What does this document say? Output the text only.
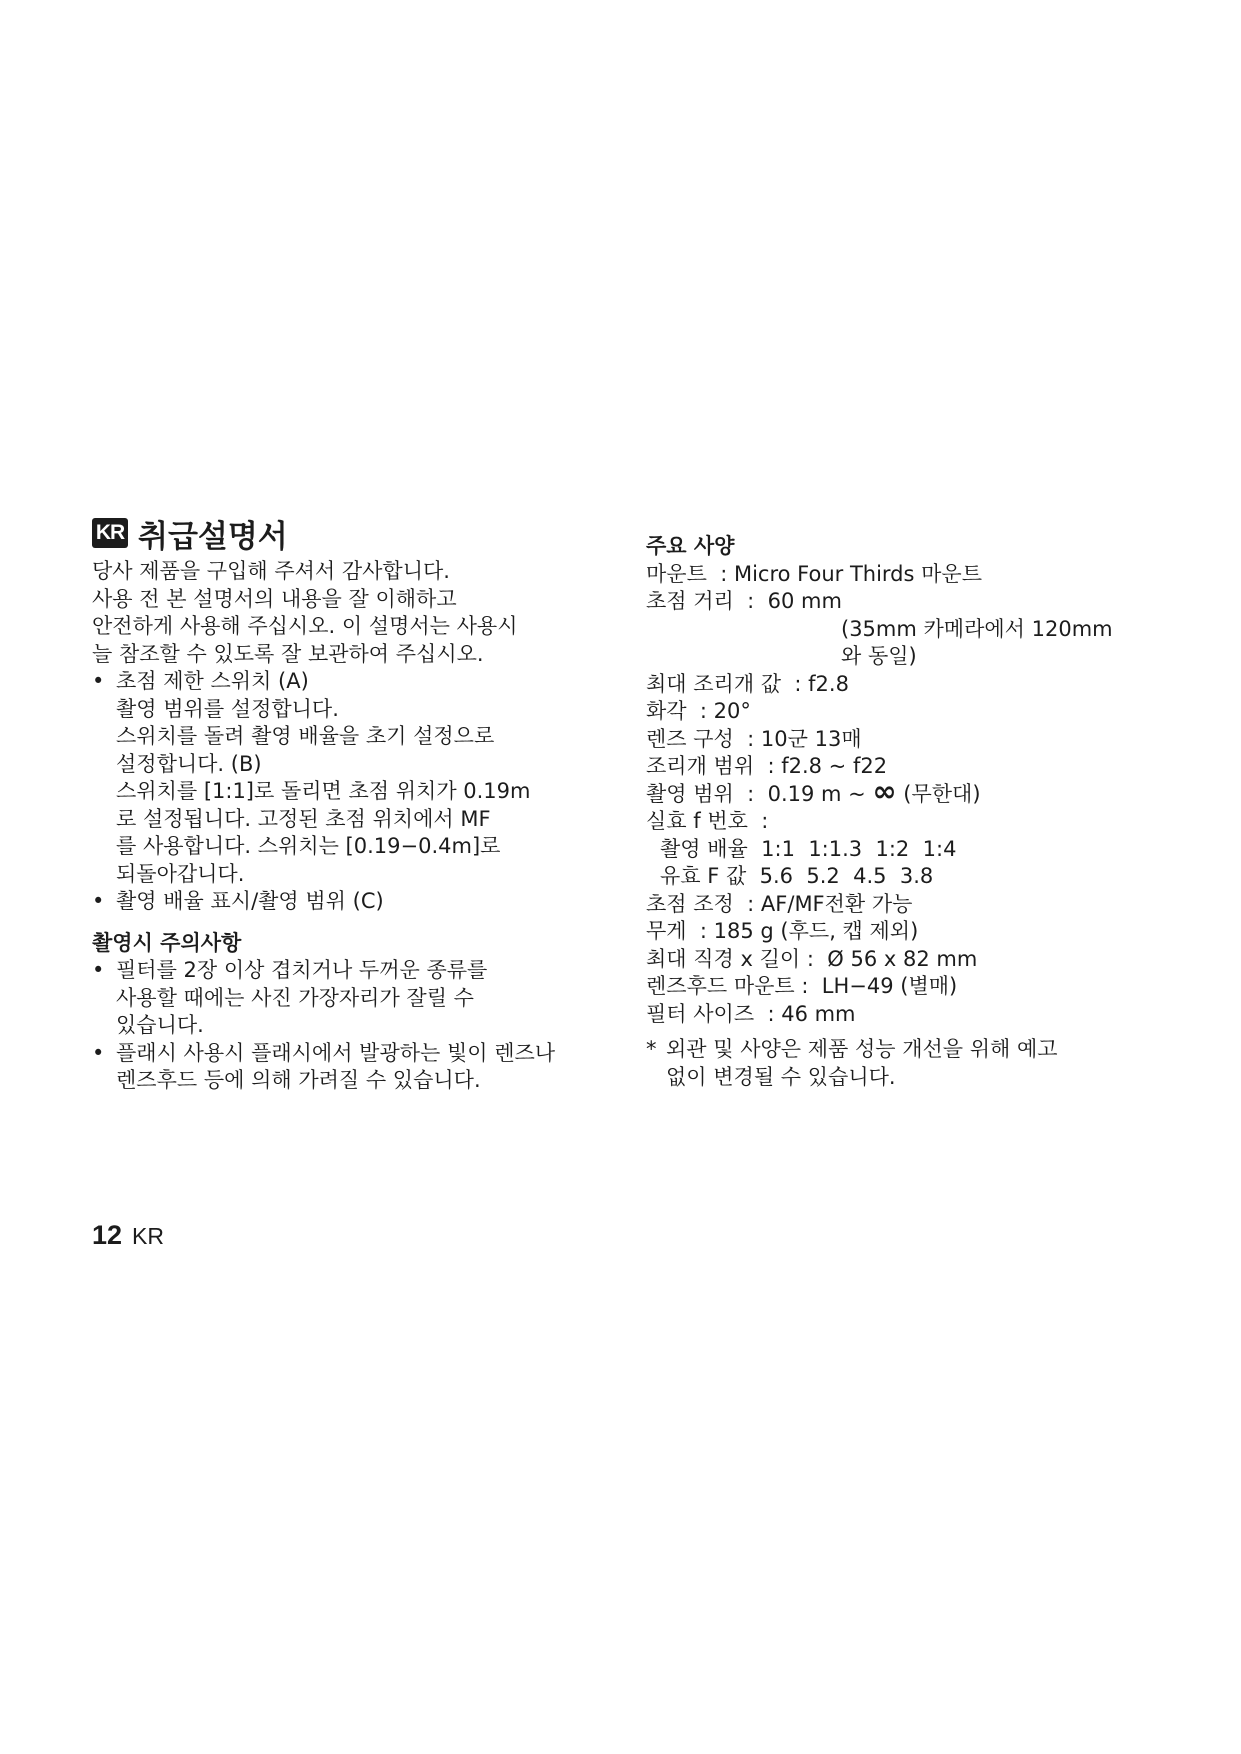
KR 취급설명서
당사 제품을 구입해 주셔서 감사합니다.
사용 전 본 설명서의 내용을 잘 이해하고
안전하게 사용해 주십시오. 이 설명서는 사용시
늘 참조할 수 있도록 잘 보관하여 주십시오.
• 초점 제한 스위치 (A)
촬영 범위를 설정합니다.
스위치를 돌려 촬영 배율을 초기 설정으로
설정합니다. (B)
스위치를 [1:1]로 돌리면 초점 위치가 0.19m
로 설정됩니다. 고정된 초점 위치에서 MF
를 사용합니다. 스위치는 [0.19−0.4m]로
되돌아갑니다.
• 촬영 배율 표시/촬영 범위 (C)
촬영시 주의사항
• 필터를 2장 이상 겹치거나 두꺼운 종류를
사용할 때에는 사진 가장자리가 잘릴 수
있습니다.
• 플래시 사용시 플래시에서 발광하는 빛이 렌즈나
렌즈후드 등에 의해 가려질 수 있습니다.
주요 사양
마운트  : Micro Four Thirds 마운트
초점 거리  :  60 mm
(35mm 카메라에서 120mm
와 동일)
최대 조리개 값  : f2.8
화각  : 20°
렌즈 구성  : 10군 13매
조리개 범위  : f2.8 ~ f22
촬영 범위  :  0.19 m ~ ∞ (무한대)
실효 f 번호  :
촬영 배율  1:1  1:1.3  1:2  1:4
유효 F 값  5.6  5.2  4.5  3.8
초점 조정  : AF/MF전환 가능
무게  : 185 g (후드, 캡 제외)
최대 직경 x 길이 :  Ø 56 x 82 mm
렌즈후드 마운트 :  LH−49 (별매)
필터 사이즈  : 46 mm
* 외관 및 사양은 제품 성능 개선을 위해 예고
없이 변경될 수 있습니다.
12 KR
